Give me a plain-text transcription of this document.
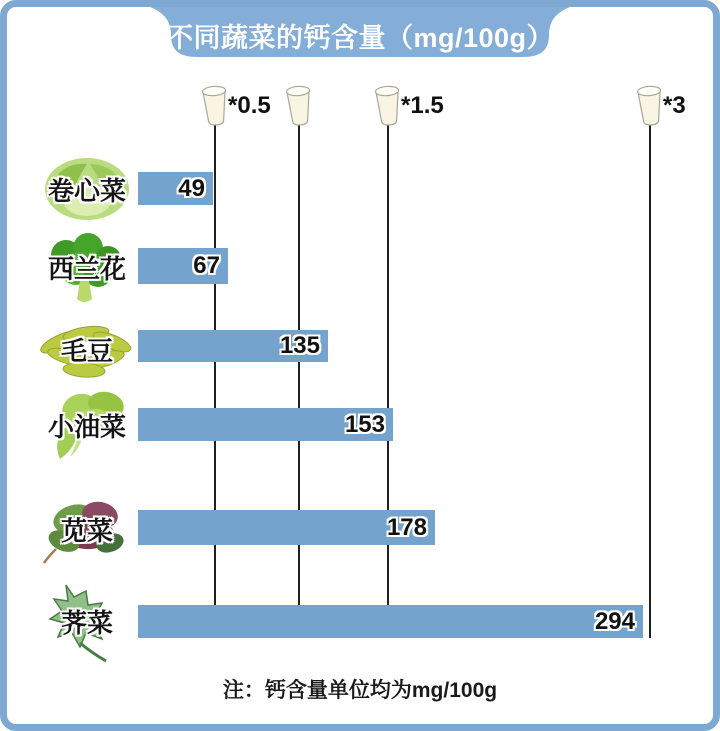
不同蔬菜的钙含量（mg/100g）
*0.5	*1.5	*3
卷心菜 49
西兰花	67
毛豆	135
小油菜	153
苋菜	178
荠菜	294
注：钙含量单位均为mg/100g
